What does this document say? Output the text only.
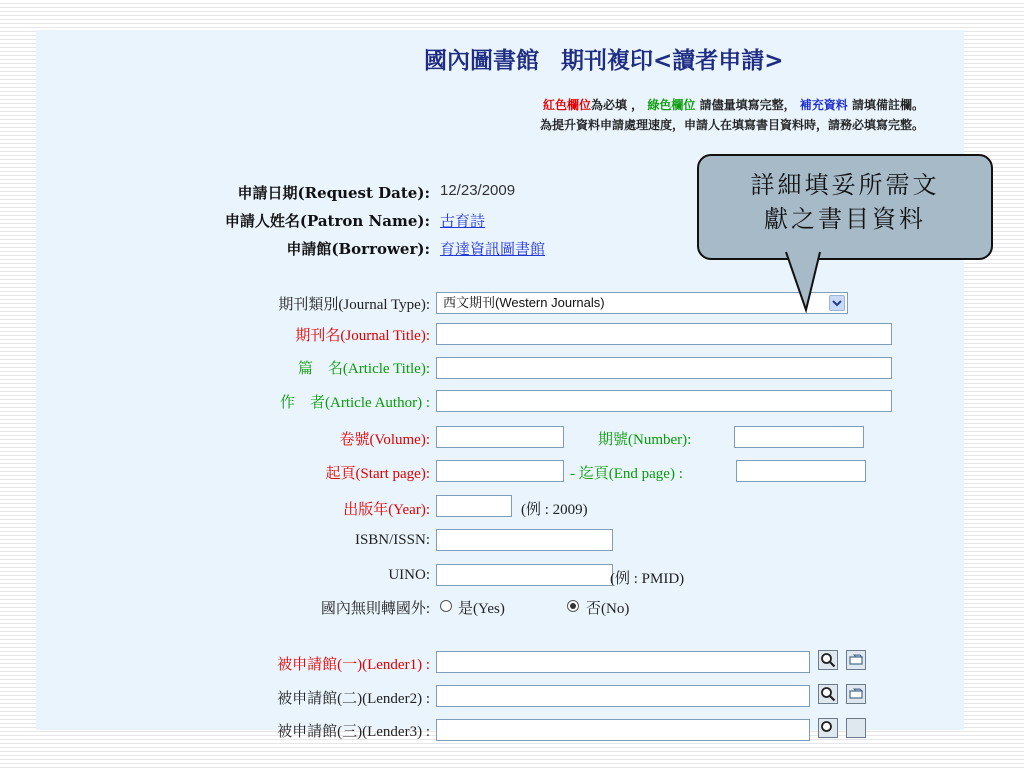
國內圖書館 期刊複印<讀者申請>
紅色欄位為必填 ， 綠色欄位 請儘量填寫完整， 補充資料 請填備註欄。
為提升資料申請處理速度，申請人在填寫書目資料時，請務必填寫完整。
申請日期(Request Date): 12/23/2009
申請人姓名(Patron Name): 古育詩
申請館(Borrower): 育達資訊圖書館
期刊類別(Journal Type):	西文期刊(Western Journals)
期刊名(Journal Title):
篇　名(Article Title):
作　者(Article Author) :
卷號(Volume):	期號(Number):
起頁(Start page):	- 迄頁(End page) :
出版年(Year):	(例 : 2009)
ISBN/ISSN:
UINO:	(例 : PMID)
國內無則轉國外: 是(Yes)	否(No)
被申請館(一)(Lender1) :
被申請館(二)(Lender2) :
被申請館(三)(Lender3) :
詳細填妥所需文
獻之書目資料
